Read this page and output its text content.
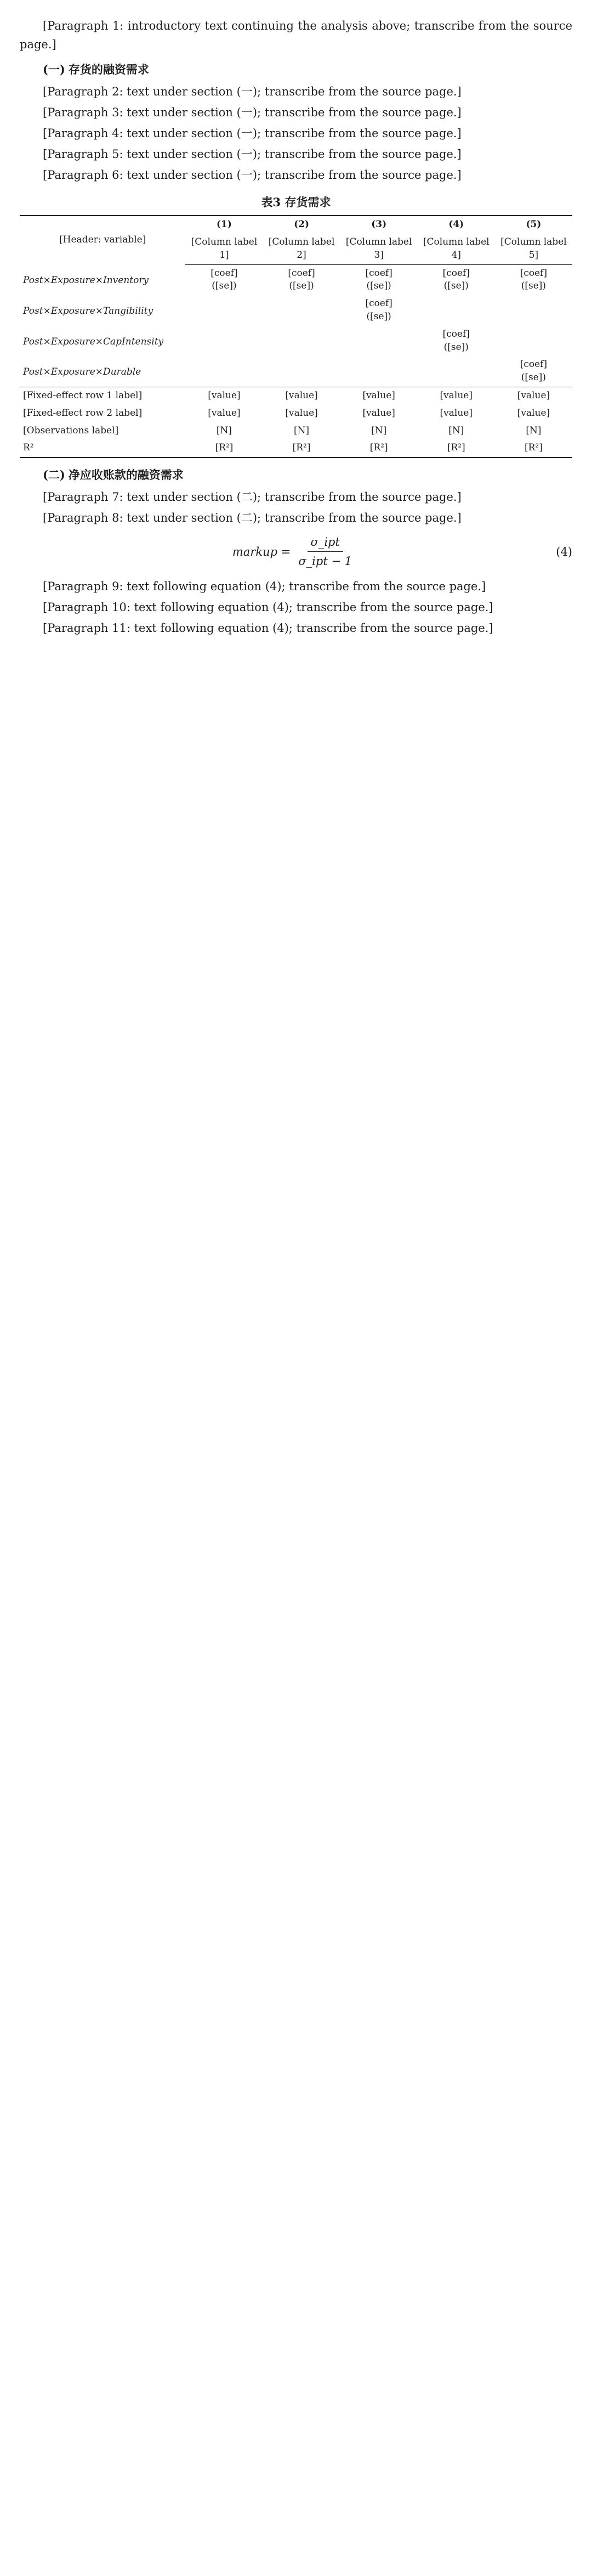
[Paragraph 1: introductory text continuing the analysis above; transcribe from the source page.]

(一) 存货的融资需求

[Paragraph 2: text under section (一); transcribe from the source page.]

[Paragraph 3: text under section (一); transcribe from the source page.]

[Paragraph 4: text under section (一); transcribe from the source page.]

[Paragraph 5: text under section (一); transcribe from the source page.]

[Paragraph 6: text under section (一); transcribe from the source page.]

表3 存货需求
[Header: variable]	(1)	(2)	(3)	(4)	(5)
	[Column label 1]	[Column label 2]	[Column label 3]	[Column label 4]	[Column label 5]
Post×Exposure×Inventory	[coef]	[coef]	[coef]	[coef]	[coef]
	([se])	([se])	([se])	([se])	([se])
Post×Exposure×Tangibility			[coef]		
			([se])		
Post×Exposure×CapIntensity				[coef]	
				([se])	
Post×Exposure×Durable					[coef]
					([se])
[Fixed-effect row 1 label]	[value]	[value]	[value]	[value]	[value]
[Fixed-effect row 2 label]	[value]	[value]	[value]	[value]	[value]
[Observations label]	[N]	[N]	[N]	[N]	[N]
R²	[R²]	[R²]	[R²]	[R²]	[R²]
(二) 净应收账款的融资需求

[Paragraph 7: text under section (二); transcribe from the source page.]

[Paragraph 8: text under section (二); transcribe from the source page.]

markup = $\frac{\text{σ\_ipt}}{\text{σ\_ipt − 1}}$	(4)

[Paragraph 9: text following equation (4); transcribe from the source page.]

[Paragraph 10: text following equation (4); transcribe from the source page.]

[Paragraph 11: text following equation (4); transcribe from the source page.]
